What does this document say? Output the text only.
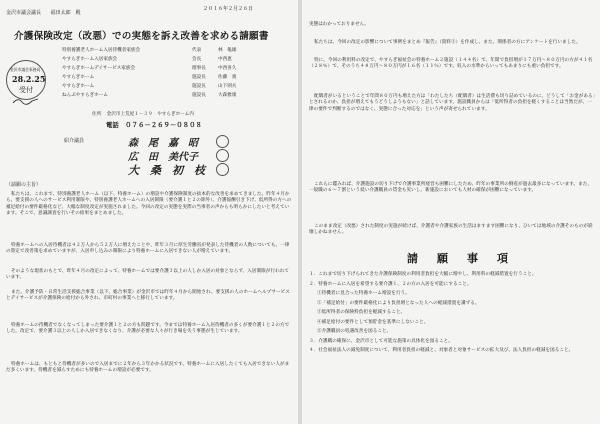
金沢市議会議長 福田太郎　殿
介護保険改定（改悪）での実態を訴え改善を求める請願書
金沢市議会事務局
28.2.25
受付
特別養護老人ホーム入居待機者家族会	代表	林　亀雄
やすらぎホーム入居家族会	会長	中西恵
やすらぎホームデイサービス家族会	理事長	中西喜久
やすらぎホーム	施設長	佐藤　義
やすらぎホーム	施設長	山下則夫
ねんぷやすらぎホーム	施設長	大森雅康
住所 金沢市上荒屋１－３９　やすらぎホーム内
電話　０７６－２６９－０８０８
紹介議員	森　尾　嘉　昭
広　田　美代子
大　桑　初　枝
（請願の主旨）
私たちは、これまで、特別養護老人ホーム（以下、特養ホーム）の増設や介護保険制度の抜本的な改善を求めてきました。昨年４月から、要支援の人へのサービス利用制限や、特別養護老人ホームへの入居制限（要介護１と２の除外）、介護報酬引き下げ、低所得の方への補足給付の要件厳格化など、大幅な制度改定が実施されました。今回の改定の実態を実際の当事者の声からも明らかにしたいと考えています。そこで、意識調査を行いその結果をまとめました。
特養ホームへの入居待機者は４２万人から５２万人に増えたことや、昨年３月に厚生労働省が発表した待機者の人数についても、一律の算定で改善策を求めていますが、入居申し込みの制限により特養ホームに入居できない人が増えています。
そのような現状のもとで、昨年４月の改定によって、特養ホームでは要介護３以上の人しか入居の対象とならず、入居制限が行われています。
また、介護予防・日常生活支援総合事業（以下、総合事業）が金沢市では昨年４月から開始され、要支援の人のホームヘルプサービスとデイサービスが介護保険の給付から外され、市町村の事業へと移行しています。
特養ホームの待機者でなくなってしまった要介護１と２の方も問題です。今までは特養ホーム入居待機者の多くが要介護１と２の方でした。改定で、要介護３以上の人しか入居できなくなり、介護が必要な人々が行き場を失う事態が生じています。
特養ホームは、もともと待機者が多いので入居までに２年から３年かかる状況です。特養ホームに入居したくても入居できない人がまだ多くいます。待機者を減らすためにも特養ホームの増設が必要です。
２０１６年２月２６日
実態はわかっておりません。
私たちは、今回の改定の影響について事例をまとめ『報告』（資料③）を作成し、また、関係者の方にアンケートを行いました。
特に、今回の利用料の改定で、やすらぎ福祉会の特養ホーム２施設（１４４名）で、年間で負担増が１７万円〜８０万円の方が４１名（２８％）で、そのうち４８万円〜８０万円が１６名（１１％）です。収入の水準からいってもあまりにも重い負担です。
配偶者がいるということで年間８０万円も増えた方は「わたしたち（配偶者）は生活費も切り詰めているのに、どうして「お金がある」とされるのか、負担が増えてもうどうしようもない」と話しています。施設職員からは「低所得者の負担を軽くすることは当然だが、一律の要件で判断するのではなく、実態に合った対応を」という声が寄せられています。
これらに鑑みれば、介護施設の切り下げで介護事業所経営も困難にしたため、昨年の事業所の倒産が過去最多になっています。また、一般職の６〜７割という低い介護職員の賃金も災いし、新施設においても人材の確保が困難になっています。
このまま改定（改悪）された制度の実施が続けば、介護者や介護家族の生活はますます困難になり、ひいては地域の介護そのものが崩壊しかねません。
請　願　事　項
１．これまで切り下げられてきた介護保険制度の利用者負担を大幅に増やし、利用料の軽減措置を行うこと。
２．特養ホームに入居を希望する要介護１、２の方の入居を可能にすること。
①待機者に見合った特養ホーム増設を行う。
②「補足給付」の要件厳格化により負担増となった人への軽減措置を講ずる。
③低所得者の保険料負担を軽減すること。
④補足給付の要件として預貯金を基準にしないこと。
⑤介護職員の処遇改善を図ること。
３．介護職の確保に、金沢市として可能な施策の具体化を図ること。
４．社会福祉法人の減免制度について、利用者負担の軽減と、対象者と対象サービスの拡大及び、法人負担の軽減を図ること。
